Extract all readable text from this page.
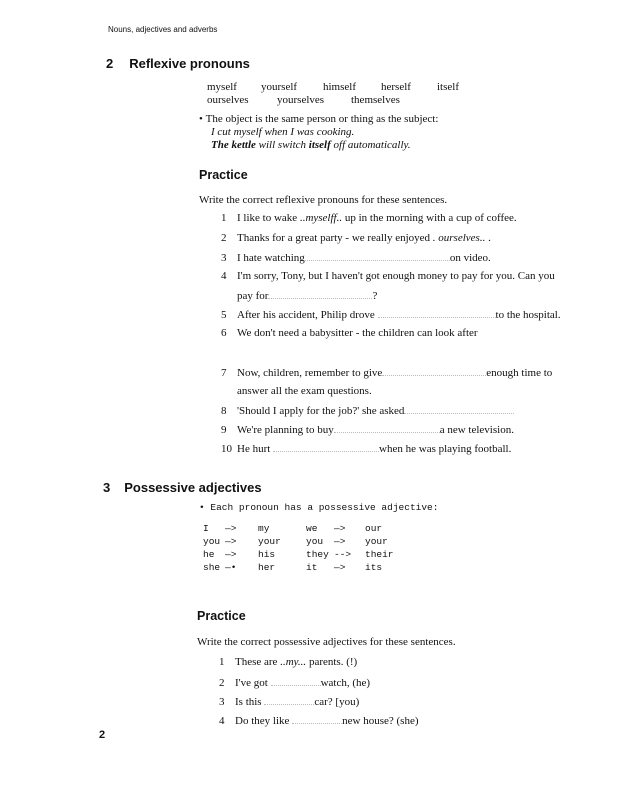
Nouns, adjectives and adverbs
2 Reflexive pronouns
myself yourself himself herself itself
ourselves	yourselves themselves
• The object is the same person or thing as the subject:
I cut myself when I was cooking.
The kettle will switch itself off automatically.
Practice
Write the correct reflexive pronouns for these sentences.
1 I like to wake ..myselff.. up in the morning with a cup of coffee.
2 Thanks for a great party - we really enjoyed . ourselves.. .
3 I hate watching	on video.
4 I'm sorry, Tony, but I haven't got enough money to pay for you. Can you
pay for	?
5 After his accident, Philip drove	to the hospital.
6 We don't need a babysitter - the children can look after
7 Now, children, remember to give	enough time to
answer all the exam questions.
8 'Should I apply for the job?' she asked
9 We're planning to buy	a new television.
10 He hurt	when he was playing football.
3 Possessive adjectives
• Each pronoun has a possessive adjective:
I —> my	we —> our
you —> your	you —> your
he —> his	they --> their
she —• her	it —> its
Practice
Write the correct possessive adjectives for these sentences.
1 These are ..my... parents. (!)
2 I've got	watch, (he)
3 Is this	car? [you)
4 Do they like	new house? (she)
2
